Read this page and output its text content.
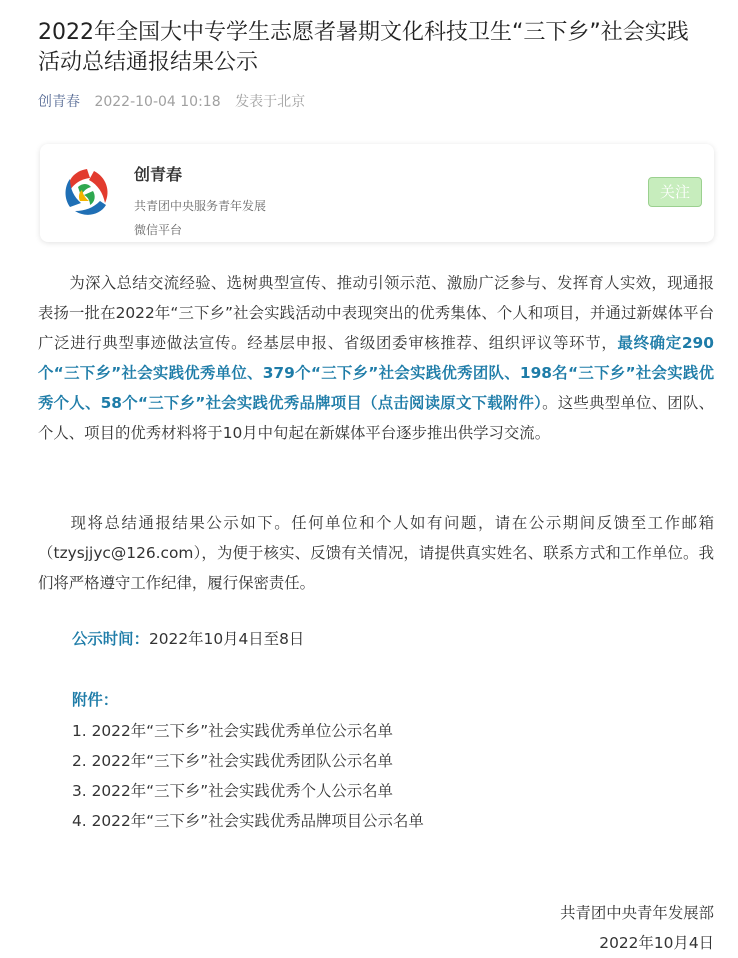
2022年全国大中专学生志愿者暑期文化科技卫生“三下乡”社会实践活动总结通报结果公示
创青春 2022-10-04 10:18 发表于北京
创青春
共青团中央服务青年发展
微信平台
关注

为深入总结交流经验、选树典型宣传、推动引领示范、激励广泛参与、发挥育人实效，现通报表扬一批在2022年“三下乡”社会实践活动中表现突出的优秀集体、个人和项目，并通过新媒体平台广泛进行典型事迹做法宣传。经基层申报、省级团委审核推荐、组织评议等环节，最终确定290个“三下乡”社会实践优秀单位、379个“三下乡”社会实践优秀团队、198名“三下乡”社会实践优秀个人、58个“三下乡”社会实践优秀品牌项目（点击阅读原文下载附件）。这些典型单位、团队、个人、项目的优秀材料将于10月中旬起在新媒体平台逐步推出供学习交流。

现将总结通报结果公示如下。任何单位和个人如有问题，请在公示期间反馈至工作邮箱（tzysjjyc@126.com），为便于核实、反馈有关情况，请提供真实姓名、联系方式和工作单位。我们将严格遵守工作纪律，履行保密责任。

公示时间：2022年10月4日至8日
附件：
1. 2022年“三下乡”社会实践优秀单位公示名单
2. 2022年“三下乡”社会实践优秀团队公示名单
3. 2022年“三下乡”社会实践优秀个人公示名单
4. 2022年“三下乡”社会实践优秀品牌项目公示名单
共青团中央青年发展部
2022年10月4日
